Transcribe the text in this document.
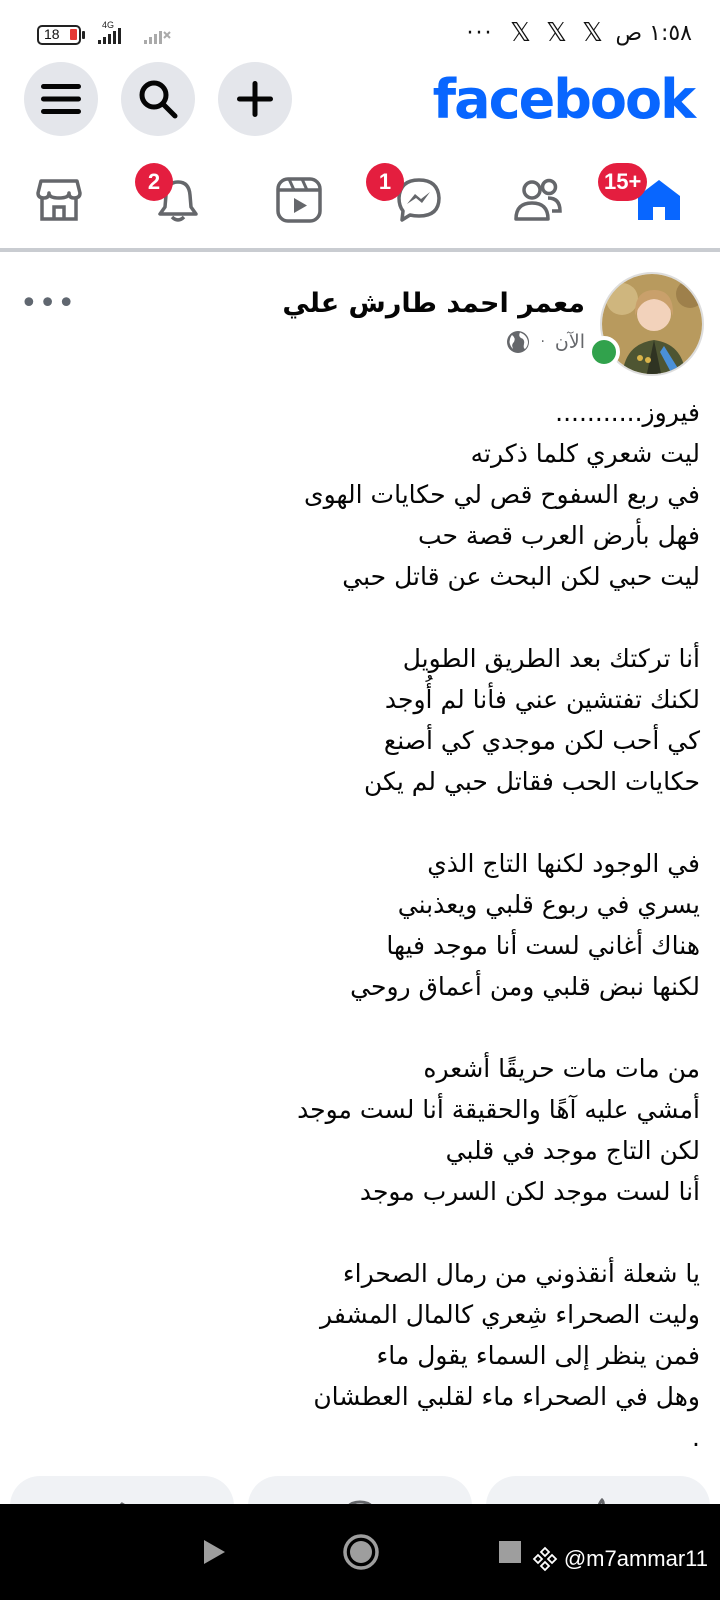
18
4G	··· 𝕏 𝕏 𝕏 ١:٥٨ ص
facebook
2	1	15+
•••	معمر احمد طارش علي
الآن
·
فيروز...........
ليت شعري كلما ذكرته
في ربع السفوح قص لي حكايات الهوى
فهل بأرض العرب قصة حب
ليت حبي لكن البحث عن قاتل حبي
أنا تركتك بعد الطريق الطويل
لكنك تفتشين عني فأنا لم أُوجد
كي أحب لكن موجدي كي أصنع
حكايات الحب فقاتل حبي لم يكن
في الوجود لكنها التاج الذي
يسري في ربوع قلبي ويعذبني
هناك أغاني لست أنا موجد فيها
لكنها نبض قلبي ومن أعماق روحي
من مات مات حريقًا أشعره
أمشي عليه آهًا والحقيقة أنا لست موجد
لكن التاج موجد في قلبي
أنا لست موجد لكن السرب موجد
يا شعلة أنقذوني من رمال الصحراء
وليت الصحراء شِعري كالمال المشفر
فمن ينظر إلى السماء يقول ماء
وهل في الصحراء ماء لقلبي العطشان
.
@m7ammar11
